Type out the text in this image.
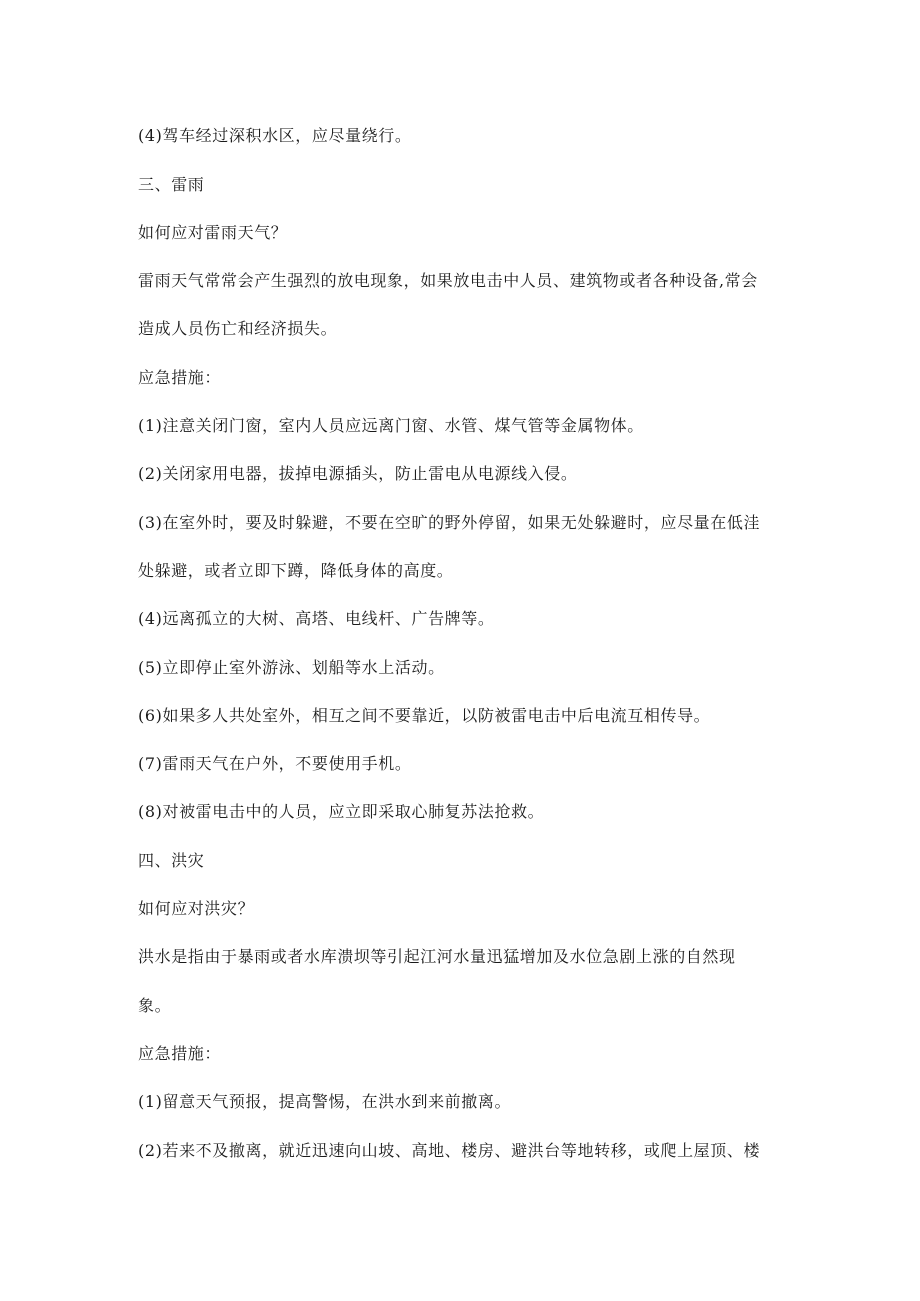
(4)驾车经过深积水区，应尽量绕行。
三、雷雨
如何应对雷雨天气？
雷雨天气常常会产生强烈的放电现象，如果放电击中人员、建筑物或者各种设备,常会
造成人员伤亡和经济损失。
应急措施：
(1)注意关闭门窗，室内人员应远离门窗、水管、煤气管等金属物体。
(2)关闭家用电器，拔掉电源插头，防止雷电从电源线入侵。
(3)在室外时，要及时躲避，不要在空旷的野外停留，如果无处躲避时，应尽量在低洼
处躲避，或者立即下蹲，降低身体的高度。
(4)远离孤立的大树、高塔、电线杆、广告牌等。
(5)立即停止室外游泳、划船等水上活动。
(6)如果多人共处室外，相互之间不要靠近，以防被雷电击中后电流互相传导。
(7)雷雨天气在户外，不要使用手机。
(8)对被雷电击中的人员，应立即采取心肺复苏法抢救。
四、洪灾
如何应对洪灾？
洪水是指由于暴雨或者水库溃坝等引起江河水量迅猛增加及水位急剧上涨的自然现
象。
应急措施：
(1)留意天气预报，提高警惕，在洪水到来前撤离。
(2)若来不及撤离，就近迅速向山坡、高地、楼房、避洪台等地转移，或爬上屋顶、楼
